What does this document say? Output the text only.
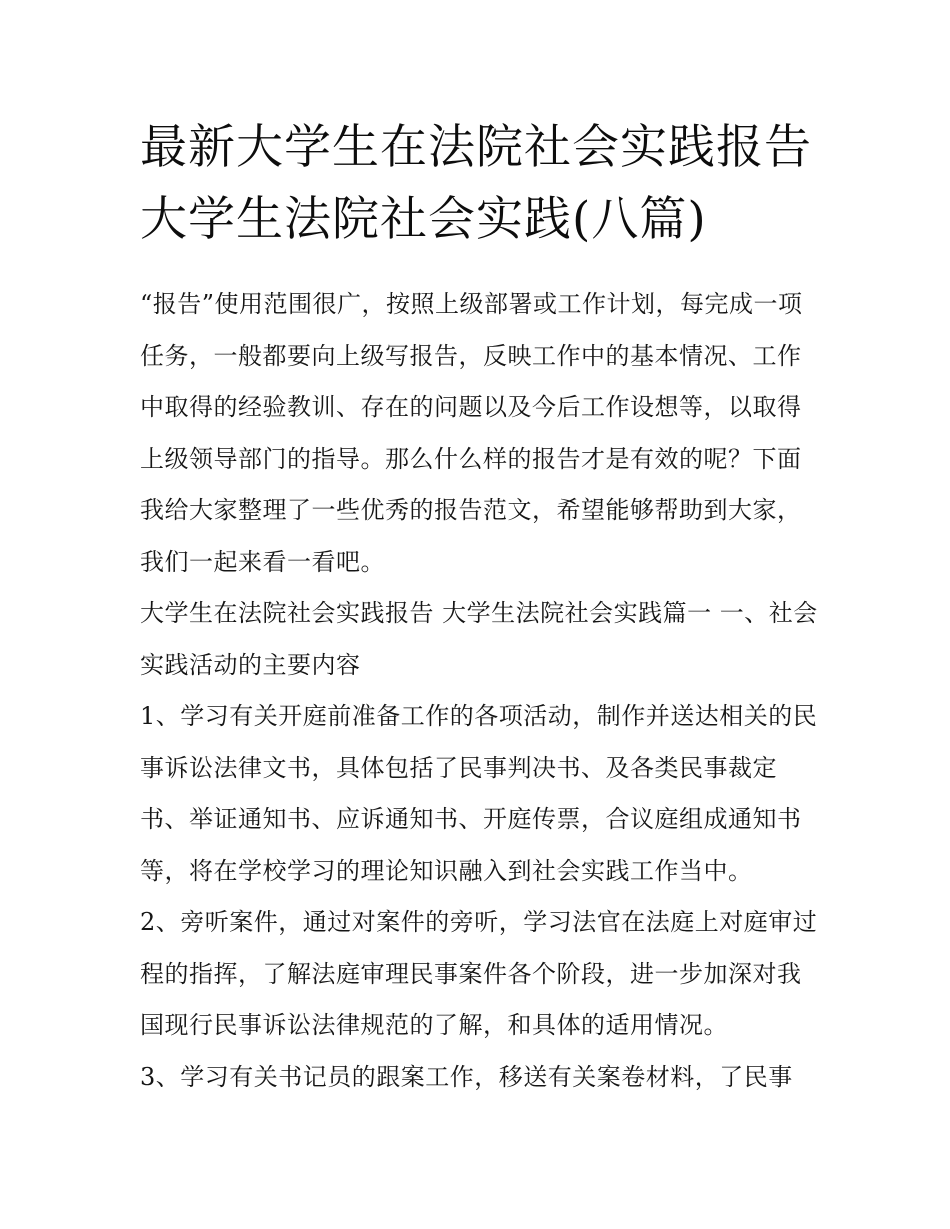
最新大学生在法院社会实践报告 大学生法院社会实践(八篇)

“报告”使用范围很广，按照上级部署或工作计划，每完成一项任务，一般都要向上级写报告，反映工作中的基本情况、工作中取得的经验教训、存在的问题以及今后工作设想等，以取得上级领导部门的指导。那么什么样的报告才是有效的呢？下面我给大家整理了一些优秀的报告范文，希望能够帮助到大家，我们一起来看一看吧。

大学生在法院社会实践报告 大学生法院社会实践篇一 一、社会实践活动的主要内容

1、学习有关开庭前准备工作的各项活动，制作并送达相关的民事诉讼法律文书，具体包括了民事判决书、及各类民事裁定书、举证通知书、应诉通知书、开庭传票，合议庭组成通知书等，将在学校学习的理论知识融入到社会实践工作当中。

2、旁听案件，通过对案件的旁听，学习法官在法庭上对庭审过程的指挥，了解法庭审理民事案件各个阶段，进一步加深对我国现行民事诉讼法律规范的了解，和具体的适用情况。

3、学习有关书记员的跟案工作，移送有关案卷材料，了民事
